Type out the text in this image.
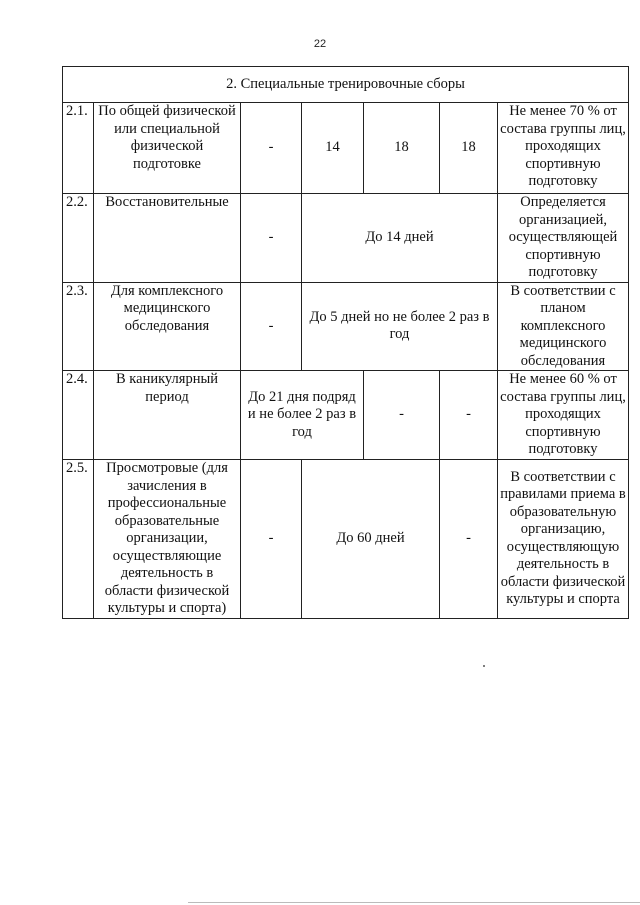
22
2. Специальные тренировочные сборы						
2.1.	По общей физической или специальной физической подготовке	-	14	18	18	Не менее 70 % от состава группы лиц, проходящих спортивную подготовку
2.2.	Восстановительные	-	До 14 дней			Определяется организацией, осуществляющей спортивную подготовку
2.3.	Для комплексного медицинского обследования	-	До 5 дней но не более 2 раз в год			В соответствии с планом комплексного медицинского обследования
2.4.	В каникулярный период	До 21 дня подряд и не более 2 раз в год		-	-	Не менее 60 % от состава группы лиц, проходящих спортивную подготовку
2.5.	Просмотровые (для зачисления в профессиональные образовательные организации, осуществляющие деятельность в области физической культуры и спорта)	-	До 60 дней		-	В соответствии с правилами приема в образовательную организацию, осуществляющую деятельность в области физической культуры и спорта
